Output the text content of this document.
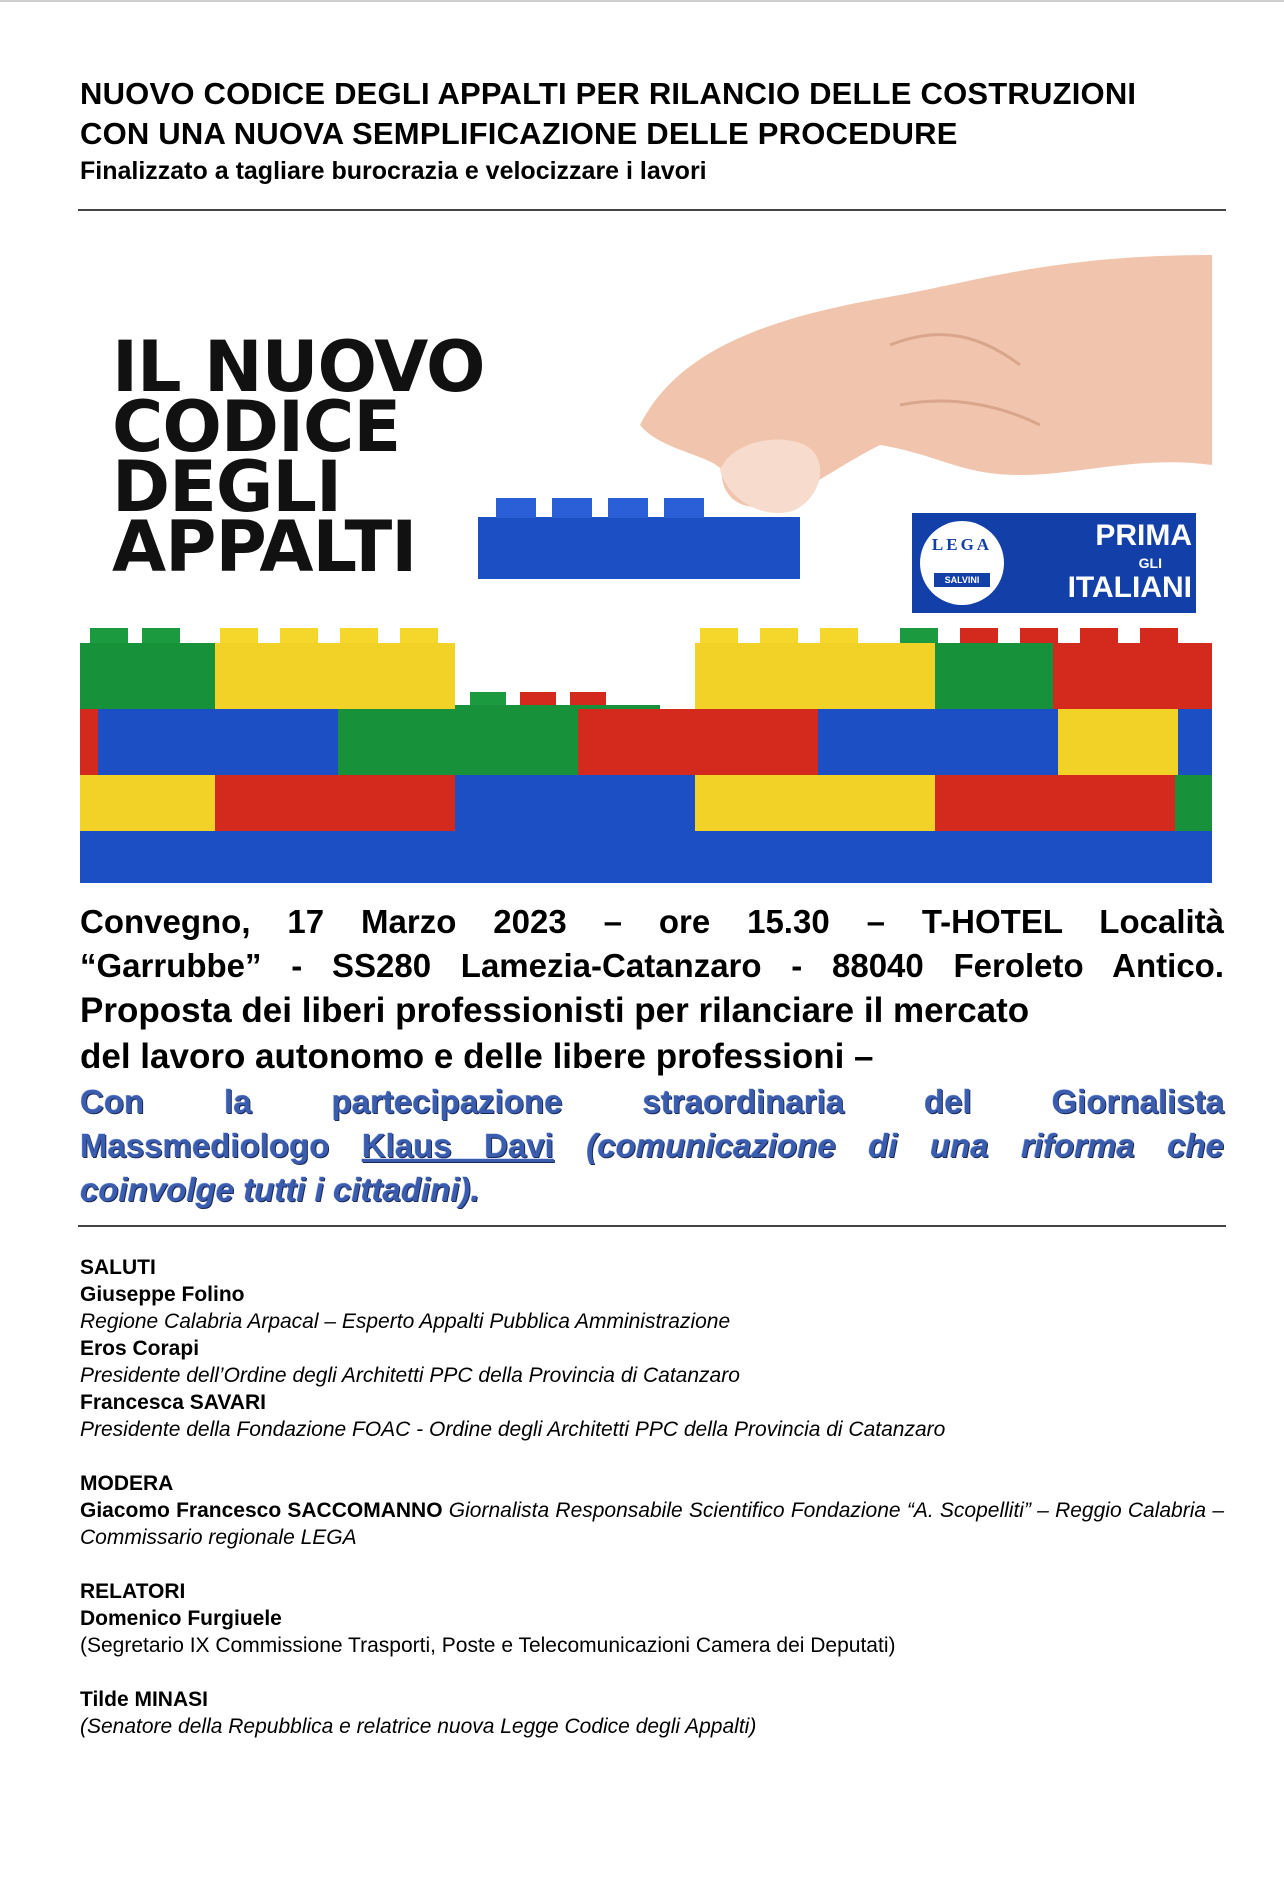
NUOVO CODICE DEGLI APPALTI PER RILANCIO DELLE COSTRUZIONI
CON UNA NUOVA SEMPLIFICAZIONE DELLE PROCEDURE
Finalizzato a tagliare burocrazia e velocizzare i lavori
IL NUOVO
CODICE
DEGLI
APPALTI	LEGA
SALVINI
PRIMA
GLI
ITALIANI

Convegno, 17 Marzo 2023 – ore 15.30 – T-HOTEL Località

“Garrubbe” - SS280 Lamezia-Catanzaro - 88040 Feroleto Antico.

Proposta dei liberi professionisti per rilanciare il mercato

del lavoro autonomo e delle libere professioni –

Con la partecipazione straordinaria del Giornalista

Massmediologo Klaus Davi (comunicazione di una riforma che

coinvolge tutti i cittadini).

SALUTI
Giuseppe Folino
Regione Calabria Arpacal – Esperto Appalti Pubblica Amministrazione
Eros Corapi
Presidente dell’Ordine degli Architetti PPC della Provincia di Catanzaro
Francesca SAVARI
Presidente della Fondazione FOAC - Ordine degli Architetti PPC della Provincia di Catanzaro
MODERA
Giacomo Francesco SACCOMANNO Giornalista Responsabile Scientifico Fondazione “A. Scopelliti” – Reggio Calabria – Commissario regionale LEGA
RELATORI
Domenico Furgiuele
(Segretario IX Commissione Trasporti, Poste e Telecomunicazioni Camera dei Deputati)
Tilde MINASI
(Senatore della Repubblica e relatrice nuova Legge Codice degli Appalti)
